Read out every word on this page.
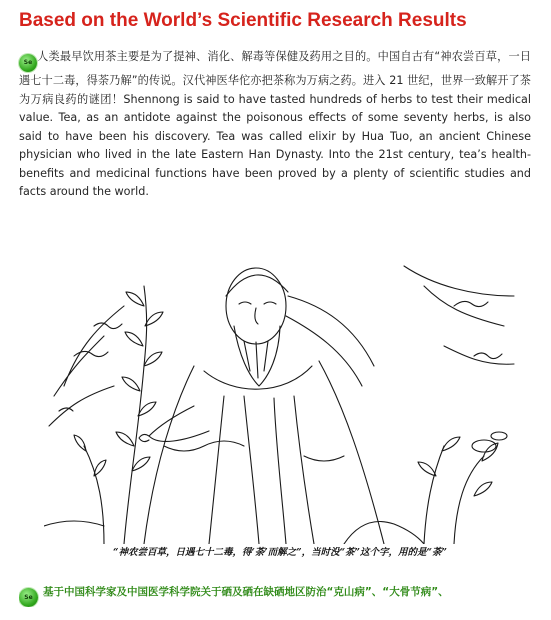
Based on the World’s Scientific Research Results

Se 人类最早饮用茶主要是为了提神、消化、解毒等保健及药用之目的。中国自古有“神农尝百草，一日遇七十二毒，得荼乃解”的传说。汉代神医华佗亦把茶称为万病之药。进入 21 世纪，世界一致解开了茶为万病良药的谜团！Shennong is said to have tasted hundreds of herbs to test their medical value. Tea, as an antidote against the poisonous effects of some seventy herbs, is also said to have been his discovery. Tea was called elixir by Hua Tuo, an ancient Chinese physician who lived in the late Eastern Han Dynasty. Into the 21st century, tea’s health-benefits and medicinal functions have been proved by a plenty of scientific studies and facts around the world.

“神农尝百草，日遇七十二毒，得‘荼’而解之”，当时没“茶”这个字，用的是“荼”

Se 基于中国科学家及中国医学科学院关于硒及硒在缺硒地区防治“克山病”、“大骨节病”、
